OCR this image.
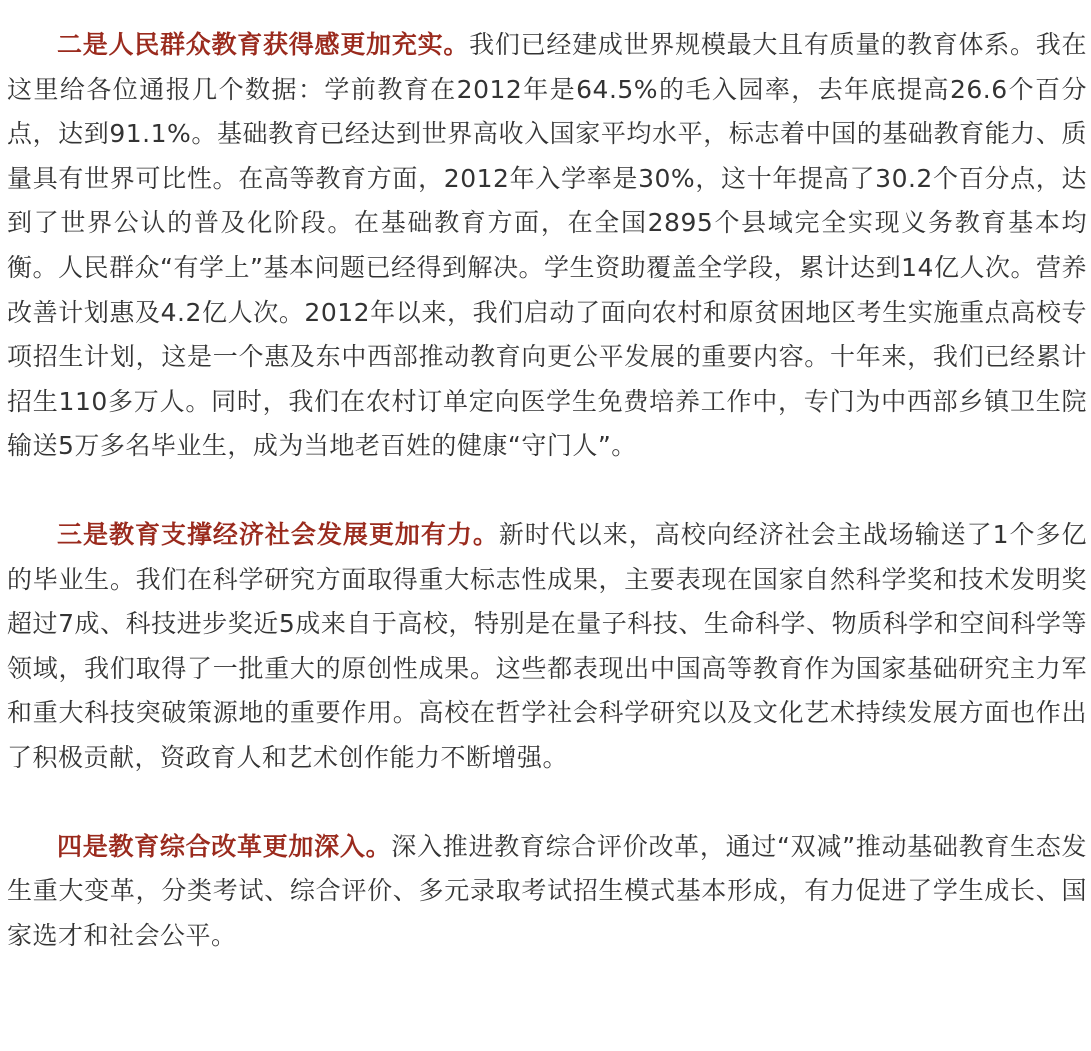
二是人民群众教育获得感更加充实。我们已经建成世界规模最大且有质量的教育体系。我在这里给各位通报几个数据：学前教育在2012年是64.5%的毛入园率，去年底提高26.6个百分点，达到91.1%。基础教育已经达到世界高收入国家平均水平，标志着中国的基础教育能力、质量具有世界可比性。在高等教育方面，2012年入学率是30%，这十年提高了30.2个百分点，达到了世界公认的普及化阶段。在基础教育方面，在全国2895个县域完全实现义务教育基本均衡。人民群众“有学上”基本问题已经得到解决。学生资助覆盖全学段，累计达到14亿人次。营养改善计划惠及4.2亿人次。2012年以来，我们启动了面向农村和原贫困地区考生实施重点高校专项招生计划，这是一个惠及东中西部推动教育向更公平发展的重要内容。十年来，我们已经累计招生110多万人。同时，我们在农村订单定向医学生免费培养工作中，专门为中西部乡镇卫生院输送5万多名毕业生，成为当地老百姓的健康“守门人”。

三是教育支撑经济社会发展更加有力。新时代以来，高校向经济社会主战场输送了1个多亿的毕业生。我们在科学研究方面取得重大标志性成果，主要表现在国家自然科学奖和技术发明奖超过7成、科技进步奖近5成来自于高校，特别是在量子科技、生命科学、物质科学和空间科学等领域，我们取得了一批重大的原创性成果。这些都表现出中国高等教育作为国家基础研究主力军和重大科技突破策源地的重要作用。高校在哲学社会科学研究以及文化艺术持续发展方面也作出了积极贡献，资政育人和艺术创作能力不断增强。

四是教育综合改革更加深入。深入推进教育综合评价改革，通过“双减”推动基础教育生态发生重大变革，分类考试、综合评价、多元录取考试招生模式基本形成，有力促进了学生成长、国家选才和社会公平。
